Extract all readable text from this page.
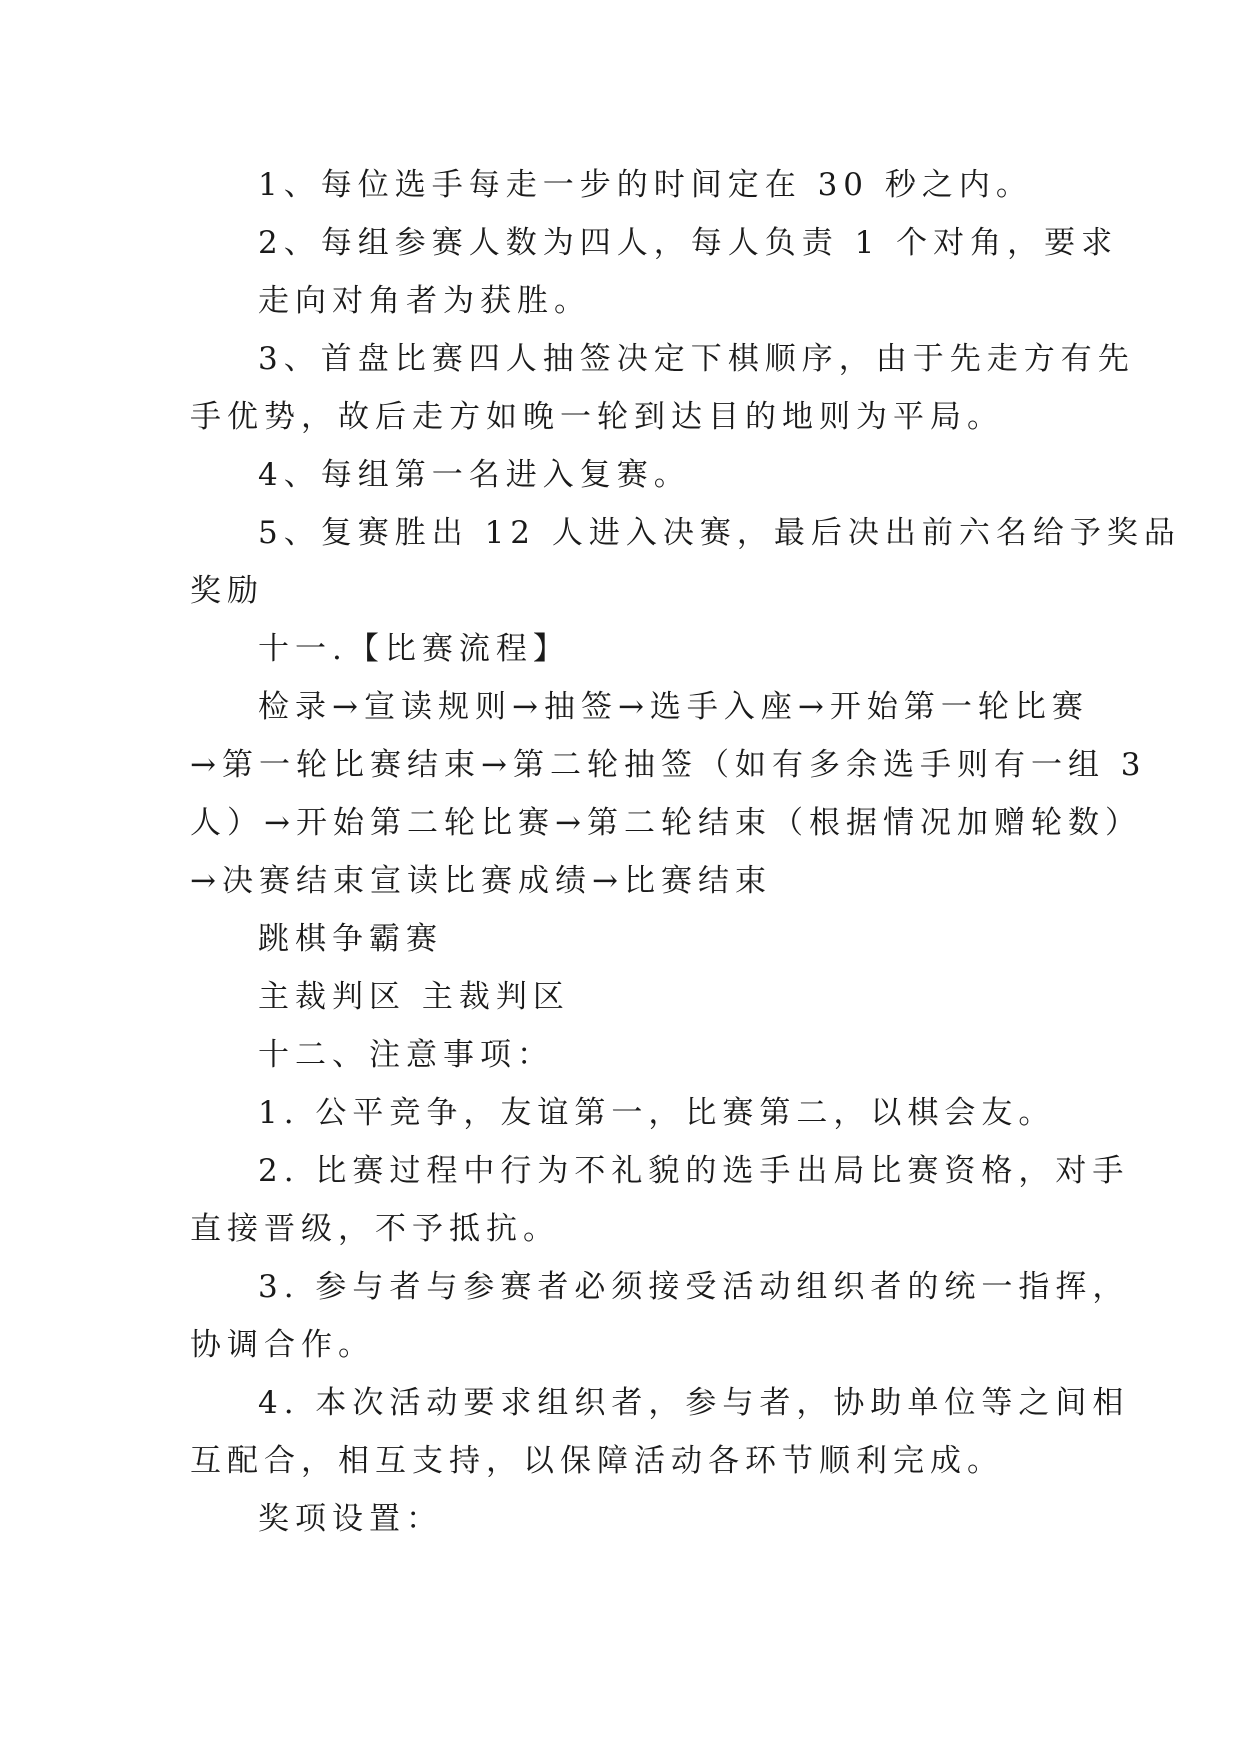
1、每位选手每走一步的时间定在 30 秒之内。
2、每组参赛人数为四人，每人负责 1 个对角，要求
走向对角者为获胜。
3、首盘比赛四人抽签决定下棋顺序，由于先走方有先
手优势，故后走方如晚一轮到达目的地则为平局。
4、每组第一名进入复赛。
5、复赛胜出 12 人进入决赛，最后决出前六名给予奖品
奖励
十一.【比赛流程】
检录→宣读规则→抽签→选手入座→开始第一轮比赛
→第一轮比赛结束→第二轮抽签（如有多余选手则有一组 3
人）→开始第二轮比赛→第二轮结束（根据情况加赠轮数）
→决赛结束宣读比赛成绩→比赛结束
跳棋争霸赛
主裁判区 主裁判区
十二、注意事项：
1. 公平竞争，友谊第一，比赛第二，以棋会友。
2. 比赛过程中行为不礼貌的选手出局比赛资格，对手
直接晋级，不予抵抗。
3. 参与者与参赛者必须接受活动组织者的统一指挥，
协调合作。
4. 本次活动要求组织者，参与者，协助单位等之间相
互配合，相互支持，以保障活动各环节顺利完成。
奖项设置：
